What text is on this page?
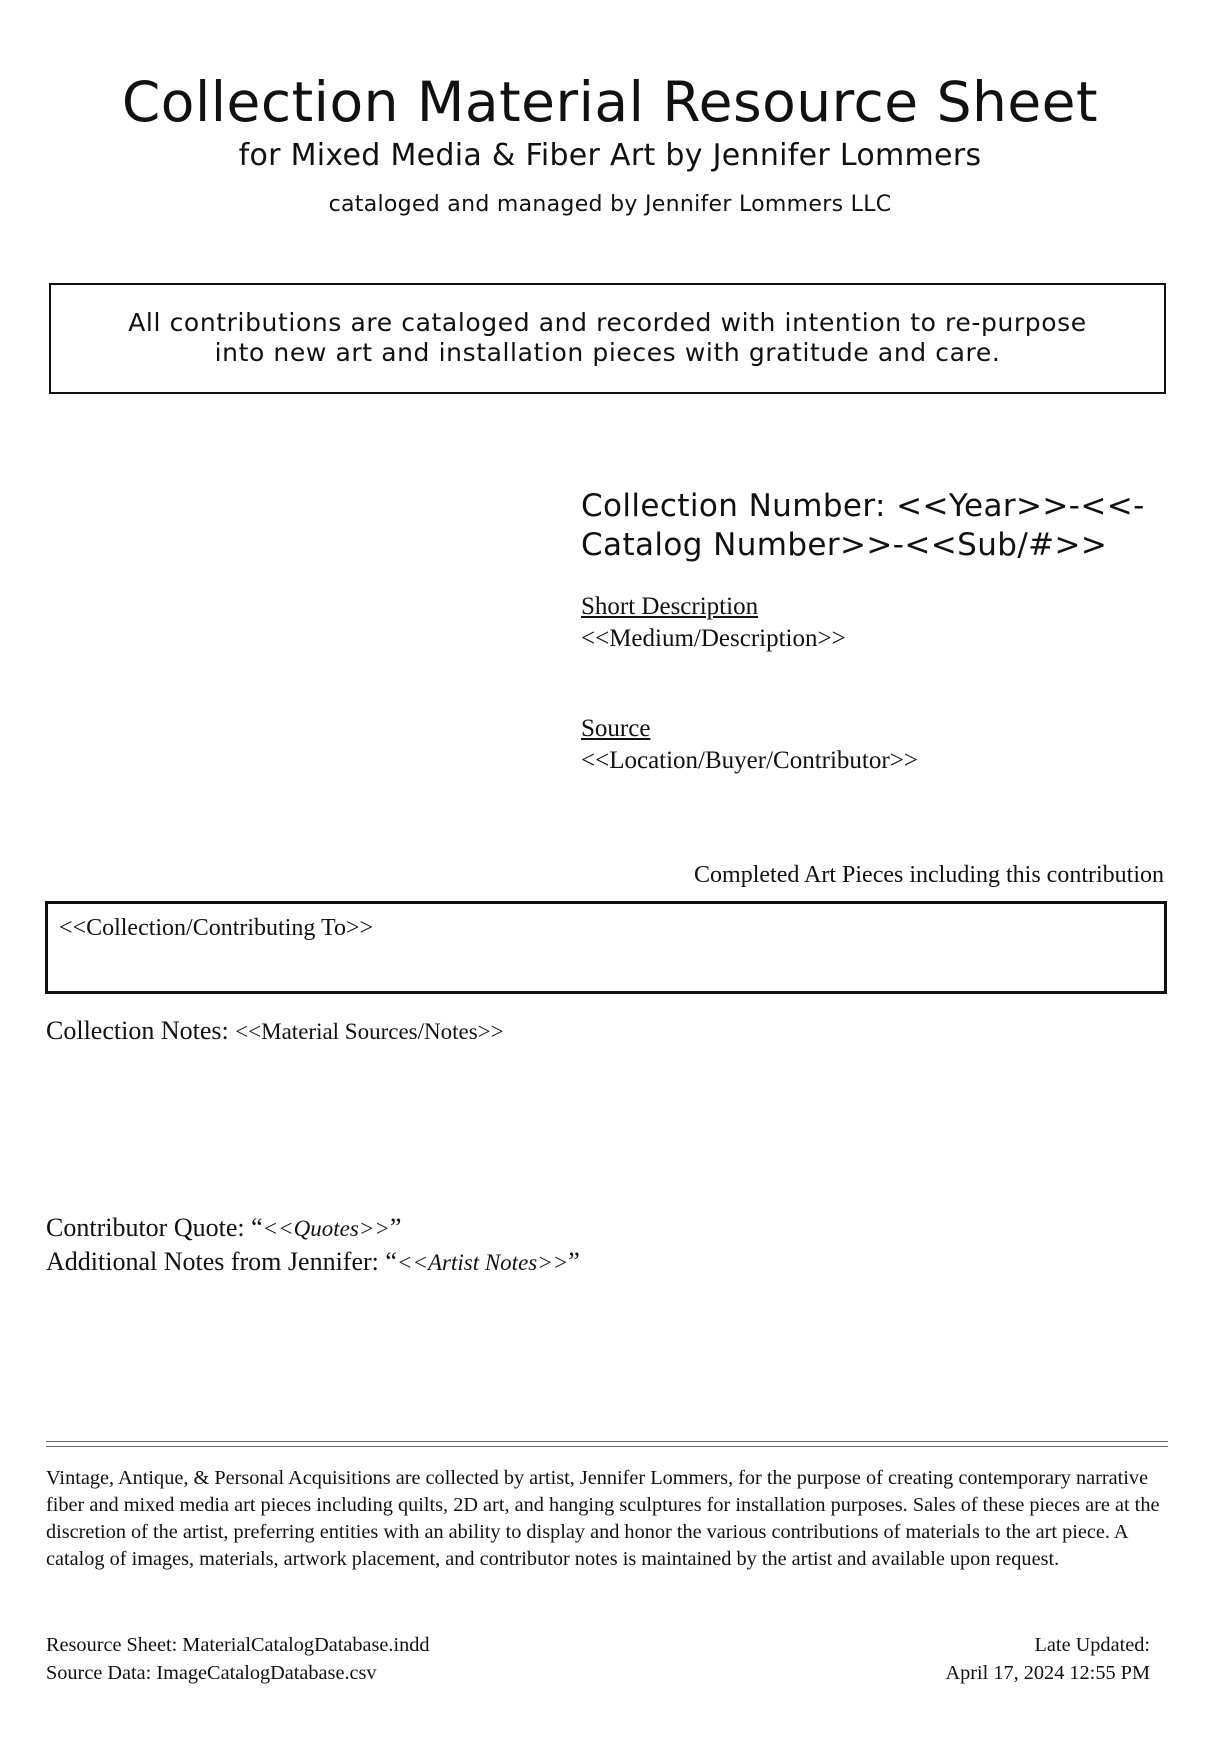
Collection Material Resource Sheet
for Mixed Media & Fiber Art by Jennifer Lommers
cataloged and managed by Jennifer Lommers LLC
All contributions are cataloged and recorded with intention to re-purpose
into new art and installation pieces with gratitude and care.
Collection Number: <<Year>>-<<-
Catalog Number>>-<<Sub/#>>
Short Description
<<Medium/Description>>
Source
<<Location/Buyer/Contributor>>
Completed Art Pieces including this contribution
<<Collection/Contributing To>>
Collection Notes: <<Material Sources/Notes>>
Contributor Quote: “<<Quotes>>”
Additional Notes from Jennifer: “<<Artist Notes>>”
Vintage, Antique, & Personal Acquisitions are collected by artist, Jennifer Lommers, for the purpose of creating contemporary narrative fiber and mixed media art pieces including quilts, 2D art, and hanging sculptures for installation purposes. Sales of these pieces are at the discretion of the artist, preferring entities with an ability to display and honor the various contributions of materials to the art piece. A catalog of images, materials, artwork placement, and contributor notes is maintained by the artist and available upon request.
Resource Sheet: MaterialCatalogDatabase.indd
Source Data: ImageCatalogDatabase.csv
Late Updated:
April 17, 2024 12:55 PM
